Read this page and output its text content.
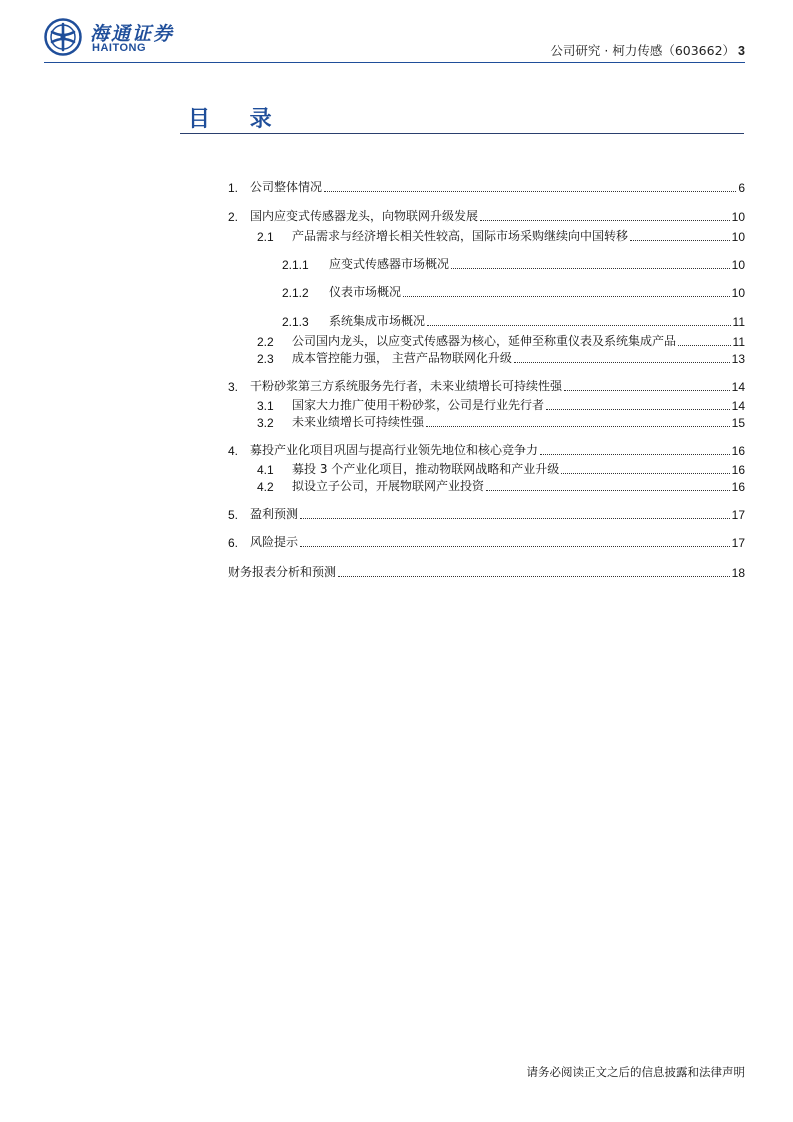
海通证券
HAITONG	公司研究 · 柯力传感（603662） 3
目 录
1. 公司整体情况	6
2. 国内应变式传感器龙头，向物联网升级发展	10
2.1	产品需求与经济增长相关性较高，国际市场采购继续向中国转移	10
2.1.1	应变式传感器市场概况	10
2.1.2	仪表市场概况	10
2.1.3	系统集成市场概况	11
2.2	公司国内龙头，以应变式传感器为核心，延伸至称重仪表及系统集成产品	11
2.3	成本管控能力强， 主营产品物联网化升级	13
3. 干粉砂浆第三方系统服务先行者，未来业绩增长可持续性强	14
3.1	国家大力推广使用干粉砂浆，公司是行业先行者	14
3.2	未来业绩增长可持续性强	15
4. 募投产业化项目巩固与提高行业领先地位和核心竞争力	16
4.1	募投 3 个产业化项目，推动物联网战略和产业升级	16
4.2	拟设立子公司，开展物联网产业投资	16
5. 盈利预测	17
6. 风险提示	17
财务报表分析和预测	18
请务必阅读正文之后的信息披露和法律声明
